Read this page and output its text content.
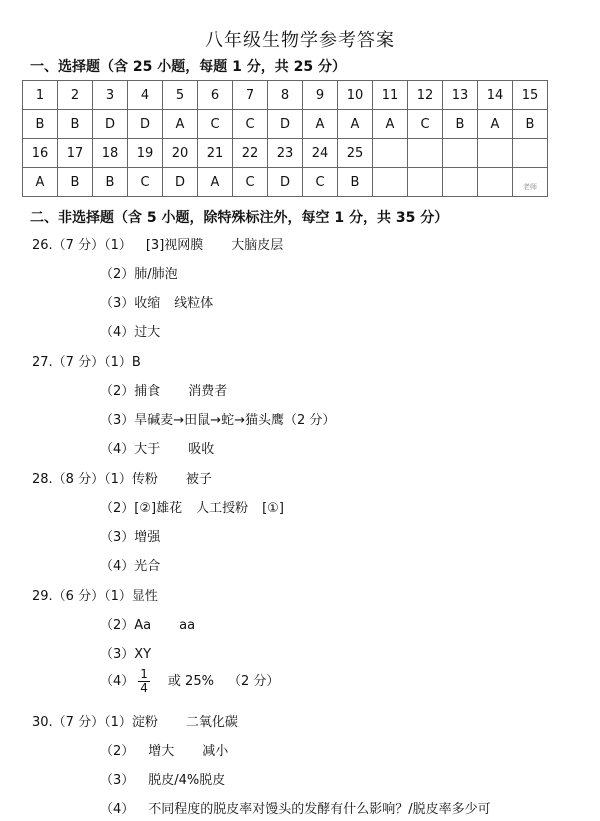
八年级生物学参考答案
一、选择题（含 25 小题，每题 1 分，共 25 分）
1	2	3	4	5	6	7	8	9	10	11	12	13	14	15
B	B	D	D	A	C	C	D	A	A	A	C	B	A	B
16	17	18	19	20	21	22	23	24	25					
A	B	B	C	D	A	C	D	C	B					老师
二、非选择题（含 5 小题，除特殊标注外，每空 1 分，共 35 分）
26.（7 分）（1） [3]视网膜 大脑皮层
（2）肺/肺泡
（3）收缩 线粒体
（4）过大
27.（7 分）（1）B
（2）捕食 消费者
（3）旱碱麦→田鼠→蛇→猫头鹰（2 分）
（4）大于 吸收
28.（8 分）（1）传粉 被子
（2）[②]雄花 人工授粉 [①]
（3）增强
（4）光合
29.（6 分）（1）显性
（2）Aa aa
（3）XY
$(4) \frac{1}{4}$ 或 25% （2 分）
30.（7 分）（1）淀粉 二氧化碳
（2） 增大 减小
（3） 脱皮/4%脱皮
（4） 不同程度的脱皮率对馒头的发酵有什么影响？/脱皮率多少可
